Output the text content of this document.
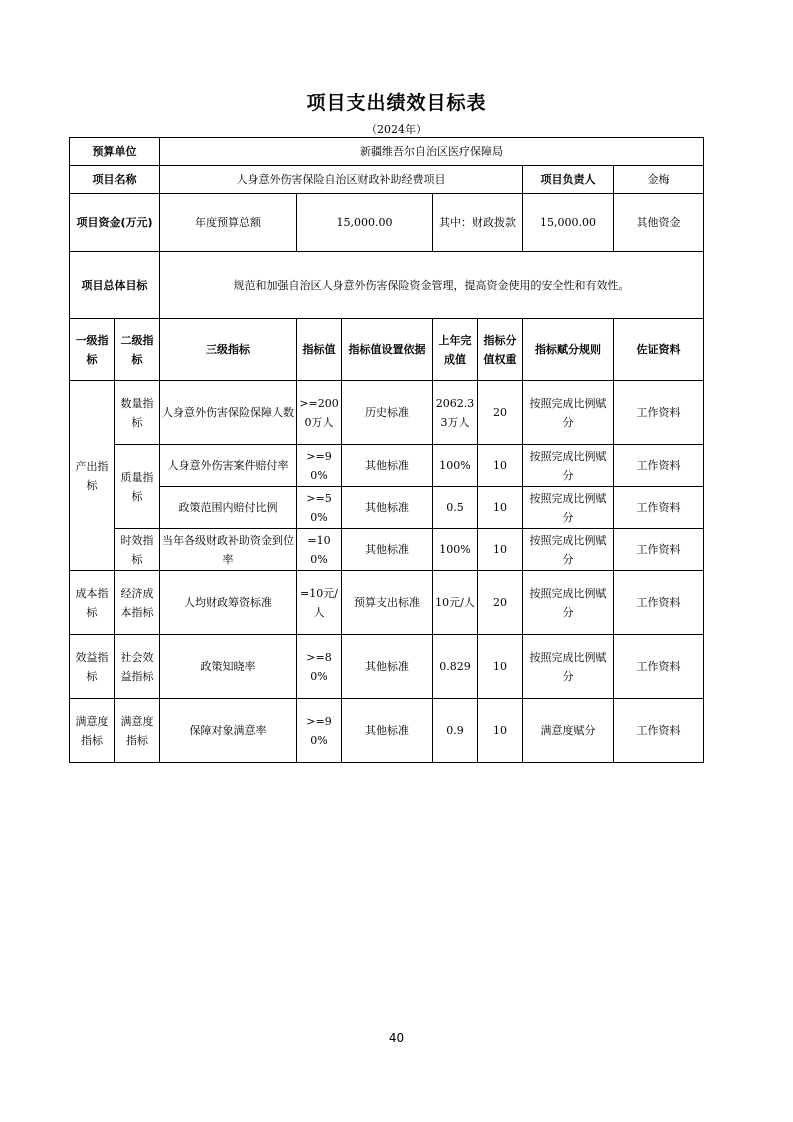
项目支出绩效目标表
（2024年）
预算单位		新疆维吾尔自治区医疗保障局							
项目名称		人身意外伤害保险自治区财政补助经费项目					项目负责人	金梅	
项目资金(万元)		年度预算总额	15,000.00		其中：财政拨款		15,000.00	其他资金	
项目总体目标		规范和加强自治区人身意外伤害保险资金管理，提高资金使用的安全性和有效性。							
一级指标	二级指标	三级指标	指标值	指标值设置依据	上年完成值	指标分值权重	指标赋分规则	佐证资料	
产出指标	数量指标	人身意外伤害保险保障人数	>=2000万人	历史标准	2062.33万人	20	按照完成比例赋分	工作资料	
	质量指标	人身意外伤害案件赔付率	>=90%	其他标准	100%	10	按照完成比例赋分	工作资料	
		政策范围内赔付比例	>=50%	其他标准	0.5	10	按照完成比例赋分	工作资料	
	时效指标	当年各级财政补助资金到位率	=100%	其他标准	100%	10	按照完成比例赋分	工作资料	
成本指标	经济成本指标	人均财政筹资标准	=10元/人	预算支出标准	10元/人	20	按照完成比例赋分	工作资料	
效益指标	社会效益指标	政策知晓率	>=80%	其他标准	0.829	10	按照完成比例赋分	工作资料	
满意度指标	满意度指标	保障对象满意率	>=90%	其他标准	0.9	10	满意度赋分	工作资料	
40
